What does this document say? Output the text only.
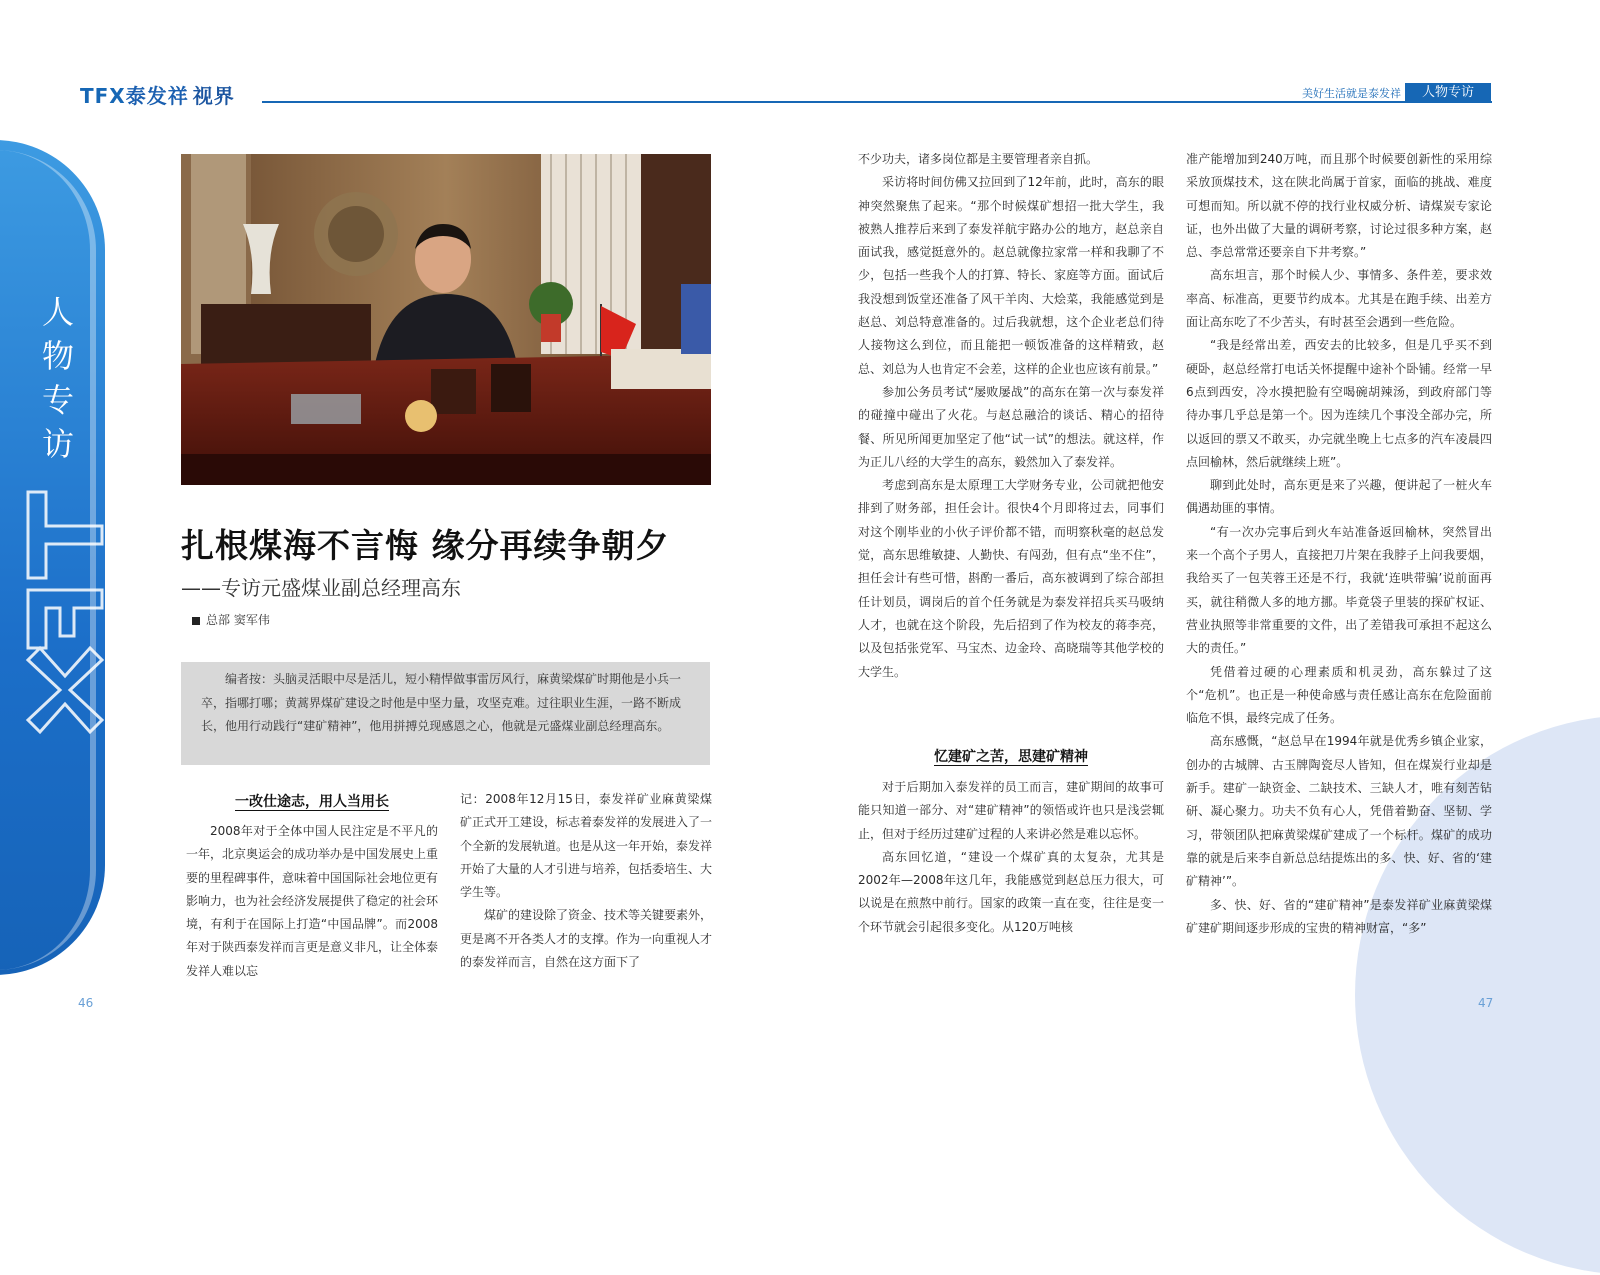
TFX泰发祥 视界	美好生活就是泰发祥	人物专访
人物专访
TFX
扎根煤海不言悔 缘分再续争朝夕
——专访元盛煤业副总经理高东
总部 窦军伟
编者按：头脑灵活眼中尽是活儿，短小精悍做事雷厉风行，麻黄梁煤矿时期他是小兵一卒，指哪打哪；黄蒿界煤矿建设之时他是中坚力量，攻坚克难。过往职业生涯，一路不断成长，他用行动践行“建矿精神”，他用拼搏兑现感恩之心，他就是元盛煤业副总经理高东。
一改仕途志，用人当用长

2008年对于全体中国人民注定是不平凡的一年，北京奥运会的成功举办是中国发展史上重要的里程碑事件，意味着中国国际社会地位更有影响力，也为社会经济发展提供了稳定的社会环境，有利于在国际上打造“中国品牌”。而2008年对于陕西泰发祥而言更是意义非凡，让全体泰发祥人难以忘

记：2008年12月15日，泰发祥矿业麻黄梁煤矿正式开工建设，标志着泰发祥的发展进入了一个全新的发展轨道。也是从这一年开始，泰发祥开始了大量的人才引进与培养，包括委培生、大学生等。

煤矿的建设除了资金、技术等关键要素外，更是离不开各类人才的支撑。作为一向重视人才的泰发祥而言，自然在这方面下了

不少功夫，诸多岗位都是主要管理者亲自抓。

采访将时间仿佛又拉回到了12年前，此时，高东的眼神突然聚焦了起来。“那个时候煤矿想招一批大学生，我被熟人推荐后来到了泰发祥航宇路办公的地方，赵总亲自面试我，感觉挺意外的。赵总就像拉家常一样和我聊了不少，包括一些我个人的打算、特长、家庭等方面。面试后我没想到饭堂还准备了风干羊肉、大烩菜，我能感觉到是赵总、刘总特意准备的。过后我就想，这个企业老总们待人接物这么到位，而且能把一顿饭准备的这样精致，赵总、刘总为人也肯定不会差，这样的企业也应该有前景。”

参加公务员考试“屡败屡战”的高东在第一次与泰发祥的碰撞中碰出了火花。与赵总融洽的谈话、精心的招待餐、所见所闻更加坚定了他“试一试”的想法。就这样，作为正儿八经的大学生的高东，毅然加入了泰发祥。

考虑到高东是太原理工大学财务专业，公司就把他安排到了财务部，担任会计。很快4个月即将过去，同事们对这个刚毕业的小伙子评价都不错，而明察秋毫的赵总发觉，高东思维敏捷、人勤快、有闯劲，但有点“坐不住”，担任会计有些可惜，斟酌一番后，高东被调到了综合部担任计划员，调岗后的首个任务就是为泰发祥招兵买马吸纳人才，也就在这个阶段，先后招到了作为校友的蒋李亮，以及包括张党军、马宝杰、边金玲、高晓瑞等其他学校的大学生。

忆建矿之苦，思建矿精神

对于后期加入泰发祥的员工而言，建矿期间的故事可能只知道一部分、对“建矿精神”的领悟或许也只是浅尝辄止，但对于经历过建矿过程的人来讲必然是难以忘怀。

高东回忆道，“建设一个煤矿真的太复杂，尤其是2002年—2008年这几年，我能感觉到赵总压力很大，可以说是在煎熬中前行。国家的政策一直在变，往往是变一个环节就会引起很多变化。从120万吨核

准产能增加到240万吨，而且那个时候要创新性的采用综采放顶煤技术，这在陕北尚属于首家，面临的挑战、难度可想而知。所以就不停的找行业权威分析、请煤炭专家论证，也外出做了大量的调研考察，讨论过很多种方案，赵总、李总常常还要亲自下井考察。”

高东坦言，那个时候人少、事情多、条件差，要求效率高、标准高，更要节约成本。尤其是在跑手续、出差方面让高东吃了不少苦头，有时甚至会遇到一些危险。

“我是经常出差，西安去的比较多，但是几乎买不到硬卧，赵总经常打电话关怀提醒中途补个卧铺。经常一早6点到西安，冷水摸把脸有空喝碗胡辣汤，到政府部门等待办事几乎总是第一个。因为连续几个事没全部办完，所以返回的票又不敢买，办完就坐晚上七点多的汽车凌晨四点回榆林，然后就继续上班”。

聊到此处时，高东更是来了兴趣，便讲起了一桩火车偶遇劫匪的事情。

“有一次办完事后到火车站准备返回榆林，突然冒出来一个高个子男人，直接把刀片架在我脖子上问我要烟，我给买了一包芙蓉王还是不行，我就‘连哄带骗’说前面再买，就往稍微人多的地方挪。毕竟袋子里装的探矿权证、营业执照等非常重要的文件，出了差错我可承担不起这么大的责任。”

凭借着过硬的心理素质和机灵劲，高东躲过了这个“危机”。也正是一种使命感与责任感让高东在危险面前临危不惧，最终完成了任务。

高东感慨，“赵总早在1994年就是优秀乡镇企业家，创办的古城牌、古玉牌陶瓷尽人皆知，但在煤炭行业却是新手。建矿一缺资金、二缺技术、三缺人才，唯有刻苦钻研、凝心聚力。功夫不负有心人，凭借着勤奋、坚韧、学习，带领团队把麻黄梁煤矿建成了一个标杆。煤矿的成功靠的就是后来李自新总总结提炼出的多、快、好、省的‘建矿精神’”。

多、快、好、省的“建矿精神”是泰发祥矿业麻黄梁煤矿建矿期间逐步形成的宝贵的精神财富，“多”

46	47
